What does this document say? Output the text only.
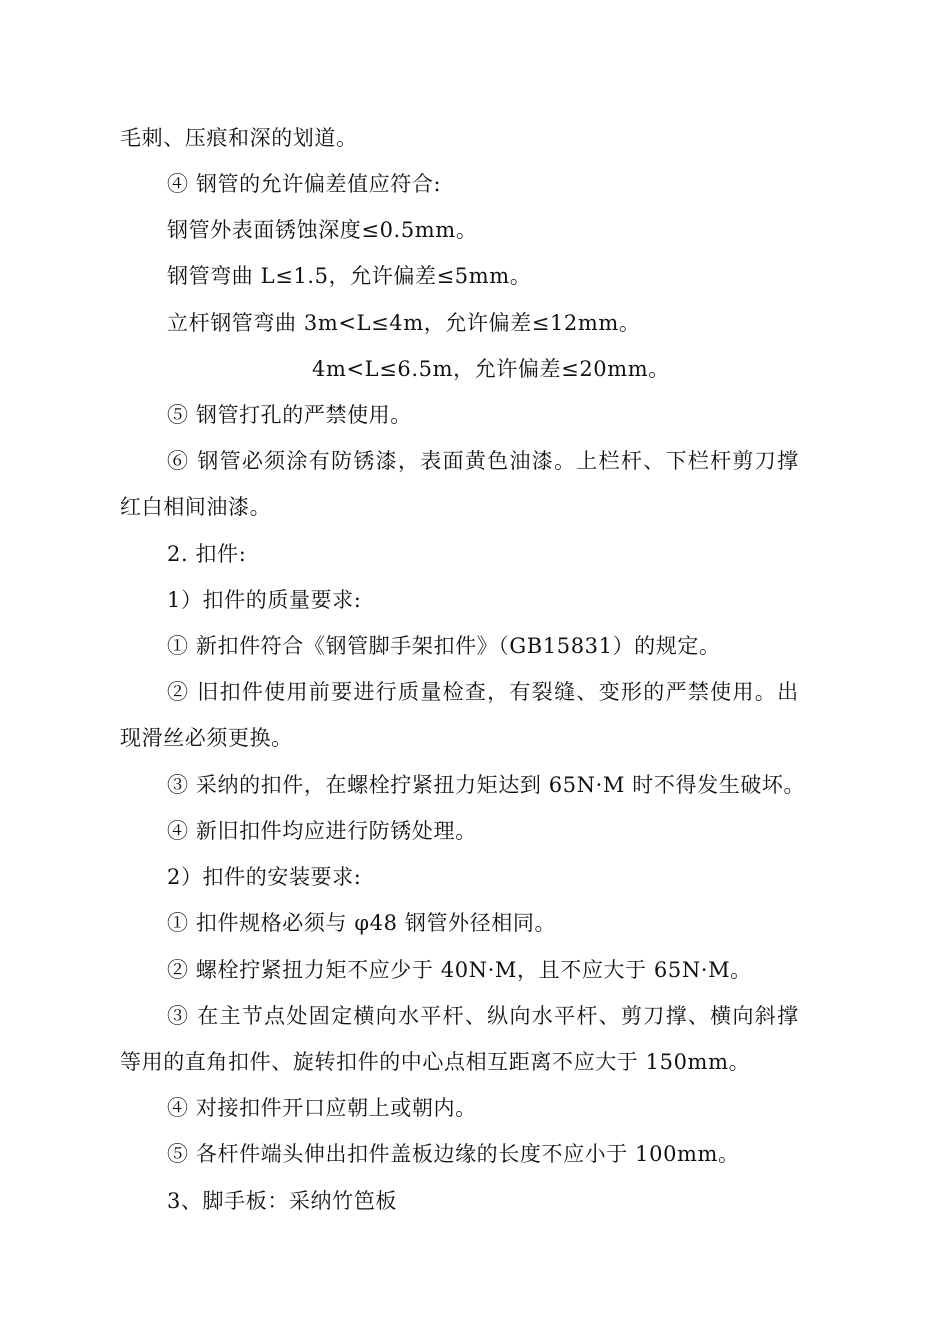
毛刺、压痕和深的划道。
④ 钢管的允许偏差值应符合:
钢管外表面锈蚀深度≤0.5mm。
钢管弯曲 L≤1.5，允许偏差≤5mm。
立杆钢管弯曲 3m<L≤4m，允许偏差≤12mm。
4m<L≤6.5m，允许偏差≤20mm。
⑤ 钢管打孔的严禁使用。
⑥ 钢管必须涂有防锈漆，表面黄色油漆。上栏杆、下栏杆剪刀撑
红白相间油漆。
2. 扣件:
1）扣件的质量要求:
① 新扣件符合《钢管脚手架扣件》（GB15831）的规定。
② 旧扣件使用前要进行质量检查，有裂缝、变形的严禁使用。出
现滑丝必须更换。
③ 采纳的扣件，在螺栓拧紧扭力矩达到 65N·M 时不得发生破坏。
④ 新旧扣件均应进行防锈处理。
2）扣件的安装要求:
① 扣件规格必须与 φ48 钢管外径相同。
② 螺栓拧紧扭力矩不应少于 40N·M，且不应大于 65N·M。
③ 在主节点处固定横向水平杆、纵向水平杆、剪刀撑、横向斜撑
等用的直角扣件、旋转扣件的中心点相互距离不应大于 150mm。
④ 对接扣件开口应朝上或朝内。
⑤ 各杆件端头伸出扣件盖板边缘的长度不应小于 100mm。
3、脚手板：采纳竹笆板
